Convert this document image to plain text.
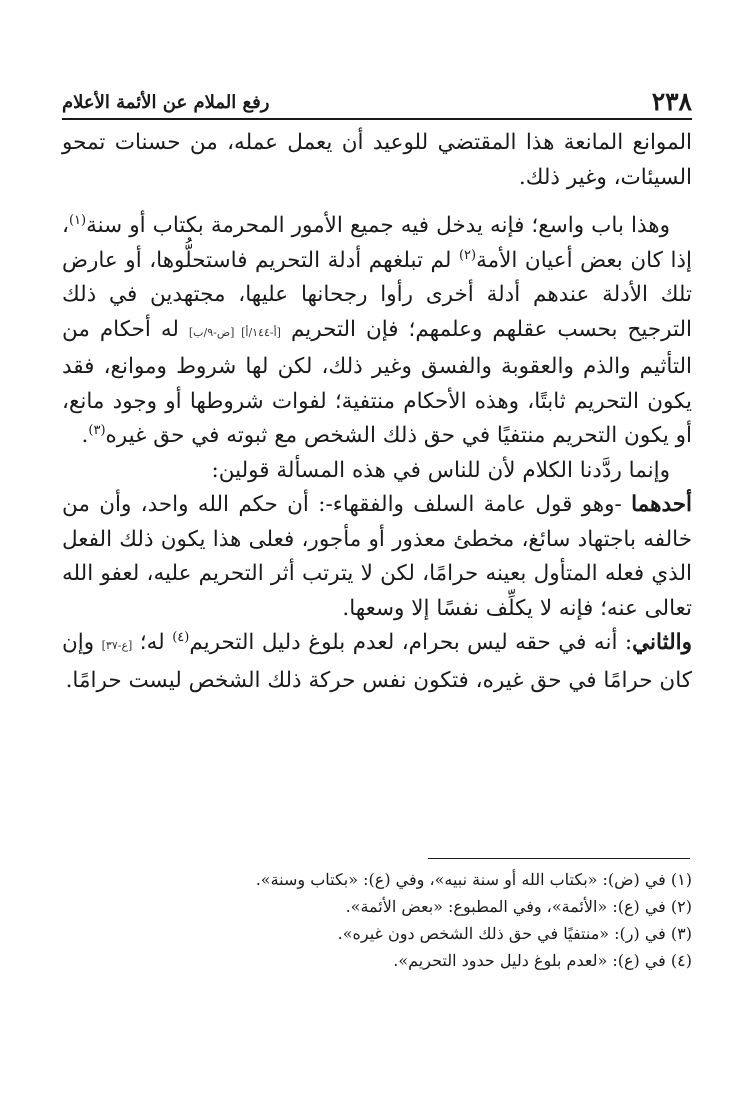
٢٣٨
رفع الملام عن الأئمة الأعلام

الموانع المانعة هذا المقتضي للوعيد أن يعمل عمله، من حسنات تمحو السيئات، وغير ذلك.

وهذا باب واسع؛ فإنه يدخل فيه جميع الأمور المحرمة بكتاب أو سنة$^{(١)}$، إذا كان بعض أعيان الأمة$^{(٢)}$ لم تبلغهم أدلة التحريم فاستحلُّوها، أو عارض تلك الأدلة عندهم أدلة أخرى رأوا رجحانها عليها، مجتهدين في ذلك الترجيح بحسب عقلهم وعلمهم؛ فإن التحريم [أ-١٤٤/أ] [ض-٩/ب] له أحكام من التأثيم والذم والعقوبة والفسق وغير ذلك، لكن لها شروط وموانع، فقد يكون التحريم ثابتًا، وهذه الأحكام منتفية؛ لفوات شروطها أو وجود مانع، أو يكون التحريم منتفيًا في حق ذلك الشخص مع ثبوته في حق غيره$^{(٣)}$.

وإنما ردَّدنا الكلام لأن للناس في هذه المسألة قولين:

أحدهما -وهو قول عامة السلف والفقهاء-: أن حكم الله واحد، وأن من خالفه باجتهاد سائغ، مخطئ معذور أو مأجور، فعلى هذا يكون ذلك الفعل الذي فعله المتأول بعينه حرامًا، لكن لا يترتب أثر التحريم عليه، لعفو الله تعالى عنه؛ فإنه لا يكلِّف نفسًا إلا وسعها.

والثاني: أنه في حقه ليس بحرام، لعدم بلوغ دليل التحريم$^{(٤)}$ له؛ [ع-٣٧] وإن كان حرامًا في حق غيره، فتكون نفس حركة ذلك الشخص ليست حرامًا.

(١) في (ض): «بكتاب الله أو سنة نبيه»، وفي (ع): «بكتاب وسنة».

(٢) في (ع): «الأئمة»، وفي المطبوع: «بعض الأئمة».

(٣) في (ر): «منتفيًا في حق ذلك الشخص دون غيره».

(٤) في (ع): «لعدم بلوغ دليل حدود التحريم».
